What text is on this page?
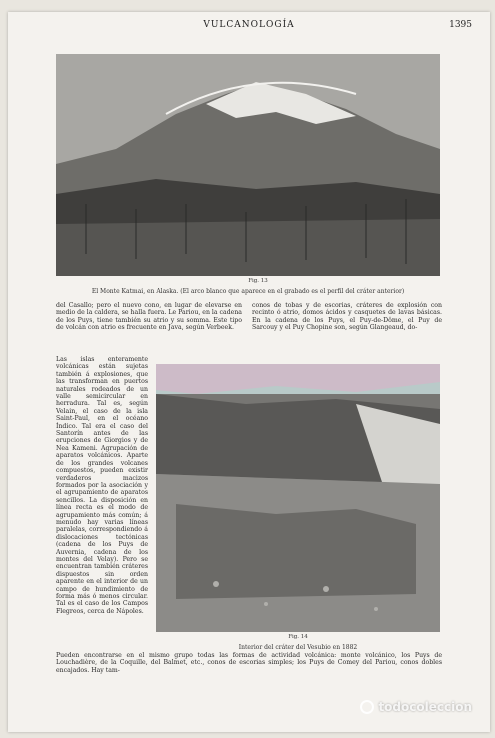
VULCANOLOGÍA	1395
Fig. 13
El Monte Katmai, en Alaska. (El arco blanco que aparece en el grabado es el perfil del cráter anterior)

del Casallo; pero el nuevo cono, en lugar de elevarse en medio de la caldera, se halla fuera. Le Pariou, en la cadena de los Puys, tiene también su atrio y su somma. Este tipo de volcán con atrio es frecuente en Java, según Verbeek.

conos de tobas y de escorias, cráteres de explosión con recinto ó atrio, domos ácidos y casquetes de lavas básicas. En la cadena de los Puys, el Puy-de-Dôme, el Puy de Sarcouy y el Puy Chopine son, según Glangeaud, do-

Las islas enteramente volcánicas están sujetas también á explosiones, que las transforman en puertos naturales rodeados de un valle semicircular en herradura. Tal es, según Velain, el caso de la isla Saint-Paul, en el océano Índico. Tal era el caso del Santorín antes de las erupciones de Giorgios y de Nea Kameni. Agrupación de aparatos volcánicos. Aparte de los grandes volcanes compuestos, pueden existir verdaderos macizos formados por la asociación y el agrupamiento de aparatos sencillos. La disposición en línea recta es el modo de agrupamiento más común; á menudo hay varias líneas paralelas, correspondiendo á dislocaciones tectónicas (cadena de los Puys de Auvernia, cadena de los montes del Velay). Pero se encuentran también cráteres dispuestos sin orden aparente en el interior de un campo de hundimiento de forma más ó menos circular. Tal es el caso de los Campos Flegreos, cerca de Nápoles.

Fig. 14
Interior del cráter del Vesubio en 1882

Pueden encontrarse en el mismo grupo todas las formas de actividad volcánica: monte volcánico, los Puys de Louchadière, de la Coquille, del Balmet, etc., conos de escorias simples; los Puys de Comey del Pariou, conos dobles encajados. Hay tam-

todocoleccion
